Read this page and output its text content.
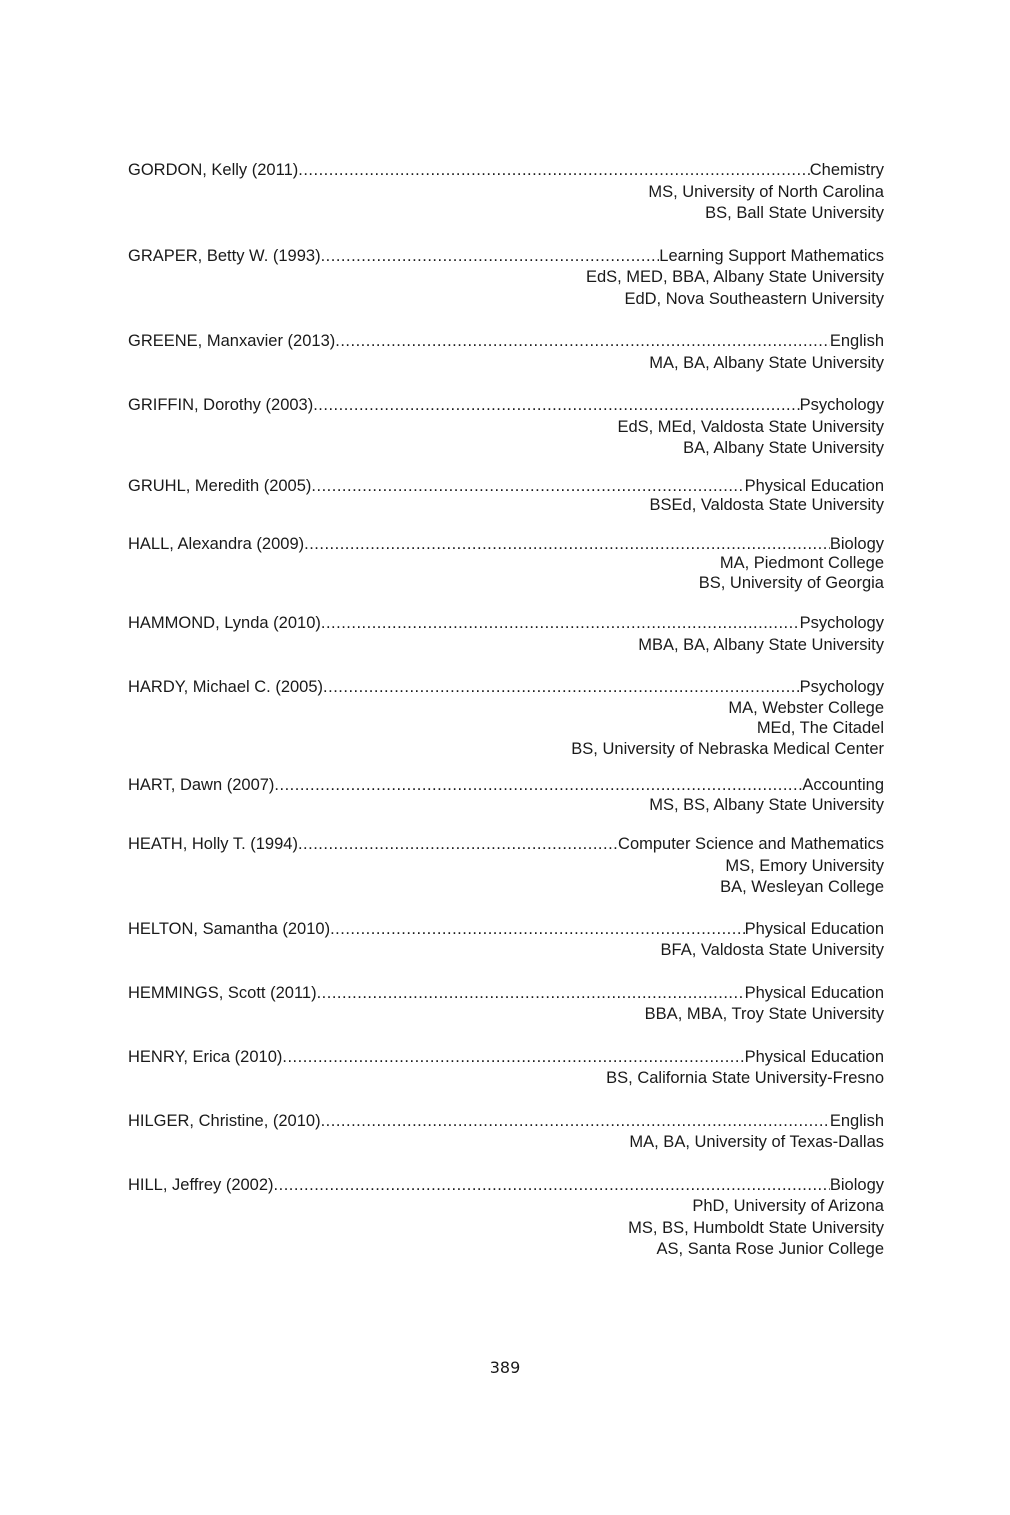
GORDON, Kelly (2011) .....	Chemistry
MS, University of North Carolina
BS, Ball State University
GRAPER, Betty W. (1993) .....	Learning Support Mathematics
EdS, MED, BBA, Albany State University
EdD, Nova Southeastern University
GREENE, Manxavier (2013) .....	English
MA, BA, Albany State University
GRIFFIN, Dorothy (2003) .....	Psychology
EdS, MEd, Valdosta State University
BA, Albany State University
GRUHL, Meredith (2005) .....	Physical Education
BSEd, Valdosta State University
HALL, Alexandra (2009) .....	Biology
MA, Piedmont College
BS, University of Georgia
HAMMOND, Lynda (2010) .....	Psychology
MBA, BA, Albany State University
HARDY, Michael C. (2005) .....	Psychology
MA, Webster College
MEd, The Citadel
BS, University of Nebraska Medical Center
HART, Dawn (2007) .....	Accounting
MS, BS, Albany State University
HEATH, Holly T. (1994) .....	Computer Science and Mathematics
MS, Emory University
BA, Wesleyan College
HELTON, Samantha (2010) .....	Physical Education
BFA, Valdosta State University
HEMMINGS, Scott (2011) .....	Physical Education
BBA, MBA, Troy State University
HENRY, Erica (2010) .....	Physical Education
BS, California State University-Fresno
HILGER, Christine, (2010) .....	English
MA, BA, University of Texas-Dallas
HILL, Jeffrey (2002) .....	Biology
PhD, University of Arizona
MS, BS, Humboldt State University
AS, Santa Rose Junior College
389
